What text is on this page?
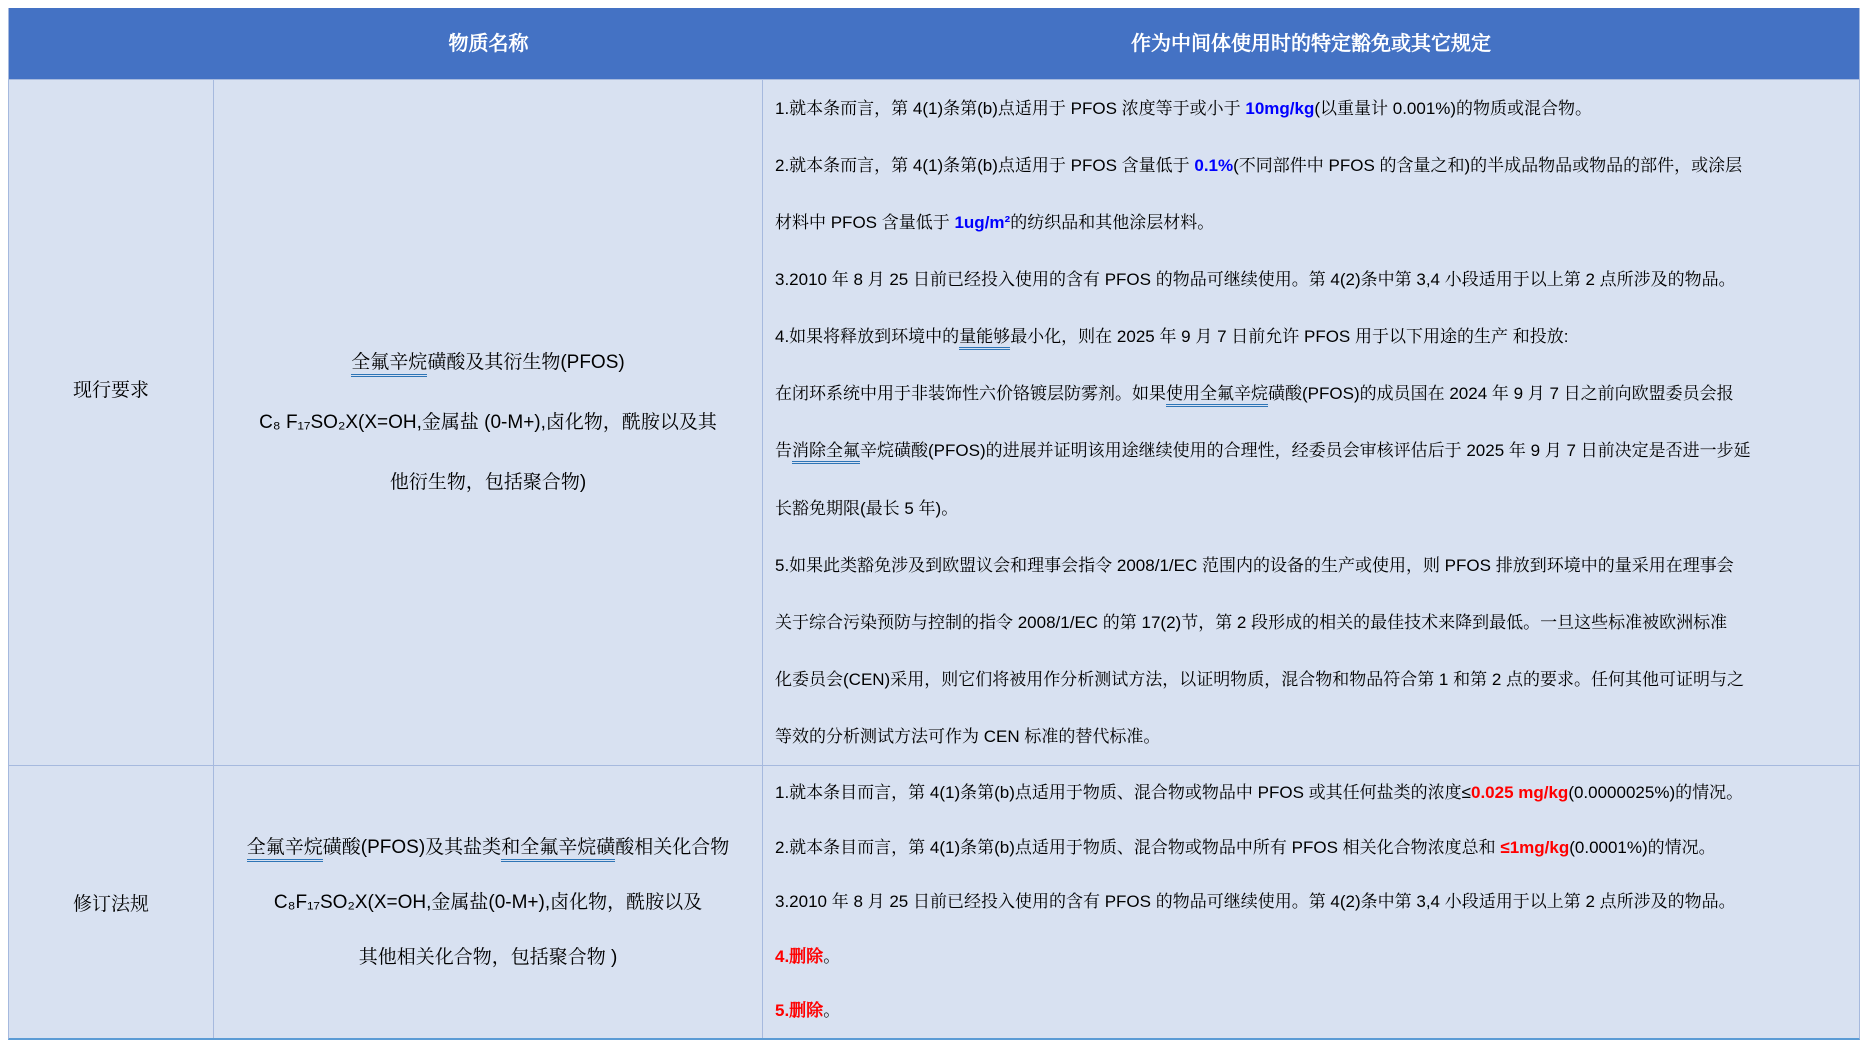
物质名称	作为中间体使用时的特定豁免或其它规定
现行要求
全氟辛烷磺酸及其衍生物(PFOS)
C₈ F₁₇SO₂X(X=OH,金属盐 (0-M+),卤化物，酰胺以及其
他衍生物，包括聚合物)
1.就本条而言，第 4(1)条第(b)点适用于 PFOS 浓度等于或小于 10mg/kg(以重量计 0.001%)的物质或混合物。
2.就本条而言，第 4(1)条第(b)点适用于 PFOS 含量低于 0.1%(不同部件中 PFOS 的含量之和)的半成品物品或物品的部件，或涂层
材料中 PFOS 含量低于 1ug/m²的纺织品和其他涂层材料。
3.2010 年 8 月 25 日前已经投入使用的含有 PFOS 的物品可继续使用。第 4(2)条中第 3,4 小段适用于以上第 2 点所涉及的物品。
4.如果将释放到环境中的量能够最小化，则在 2025 年 9 月 7 日前允许 PFOS 用于以下用途的生产 和投放:
在闭环系统中用于非装饰性六价铬镀层防雾剂。如果使用全氟辛烷磺酸(PFOS)的成员国在 2024 年 9 月 7 日之前向欧盟委员会报
告消除全氟辛烷磺酸(PFOS)的进展并证明该用途继续使用的合理性，经委员会审核评估后于 2025 年 9 月 7 日前决定是否进一步延
长豁免期限(最长 5 年)。
5.如果此类豁免涉及到欧盟议会和理事会指令 2008/1/EC 范围内的设备的生产或使用，则 PFOS 排放到环境中的量采用在理事会
关于综合污染预防与控制的指令 2008/1/EC 的第 17(2)节，第 2 段形成的相关的最佳技术来降到最低。一旦这些标准被欧洲标准
化委员会(CEN)采用，则它们将被用作分析测试方法，以证明物质，混合物和物品符合第 1 和第 2 点的要求。任何其他可证明与之
等效的分析测试方法可作为 CEN 标准的替代标准。
修订法规
全氟辛烷磺酸(PFOS)及其盐类和全氟辛烷磺酸相关化合物
C₈F₁₇SO₂X(X=OH,金属盐(0-M+),卤化物，酰胺以及
其他相关化合物，包括聚合物 )
1.就本条目而言，第 4(1)条第(b)点适用于物质、混合物或物品中 PFOS 或其任何盐类的浓度≤0.025 mg/kg(0.0000025%)的情况。
2.就本条目而言，第 4(1)条第(b)点适用于物质、混合物或物品中所有 PFOS 相关化合物浓度总和 ≤1mg/kg(0.0001%)的情况。
3.2010 年 8 月 25 日前已经投入使用的含有 PFOS 的物品可继续使用。第 4(2)条中第 3,4 小段适用于以上第 2 点所涉及的物品。
4.删除。
5.删除。
